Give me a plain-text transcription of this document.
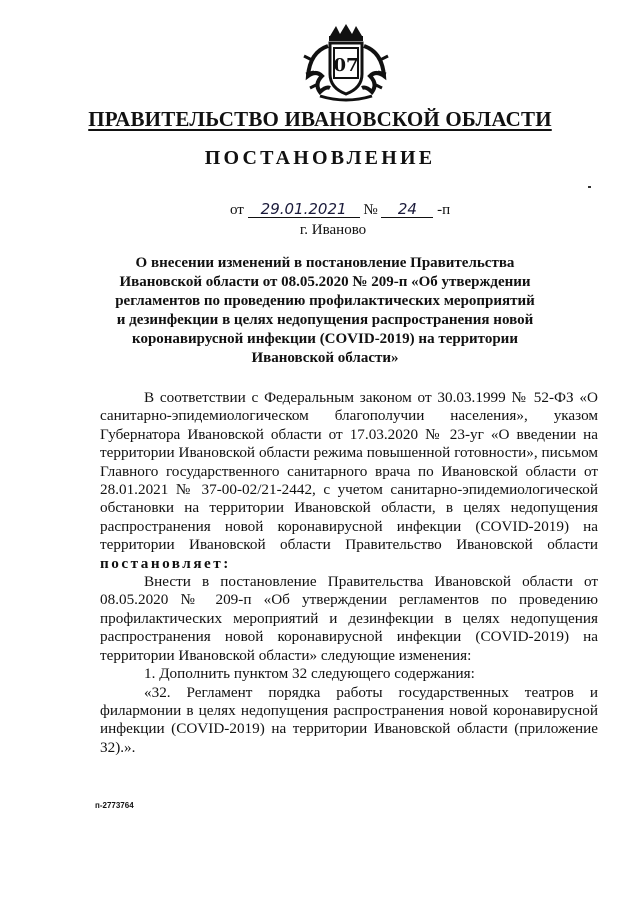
07
ПРАВИТЕЛЬСТВО ИВАНОВСКОЙ ОБЛАСТИ
ПОСТАНОВЛЕНИЕ
от 29.01.2021 № 24 -п
г. Иваново
О внесении изменений в постановление Правительства Ивановской области от 08.05.2020 № 209-п «Об утверждении регламентов по проведению профилактических мероприятий и дезинфекции в целях недопущения распространения новой коронавирусной инфекции (COVID-2019) на территории Ивановской области»

В соответствии с Федеральным законом от 30.03.1999 № 52-ФЗ «О санитарно-эпидемиологическом благополучии населения», указом Губернатора Ивановской области от 17.03.2020 № 23-уг «О введении на территории Ивановской области режима повышенной готовности», письмом Главного государственного санитарного врача по Ивановской области от 28.01.2021 № 37-00-02/21-2442, с учетом санитарно-эпидемиологической обстановки на территории Ивановской области, в целях недопущения распространения новой коронавирусной инфекции (COVID-2019) на территории Ивановской области Правительство Ивановской области постановляет:

Внести в постановление Правительства Ивановской области от 08.05.2020 № 209-п «Об утверждении регламентов по проведению профилактических мероприятий и дезинфекции в целях недопущения распространения новой коронавирусной инфекции (COVID-2019) на территории Ивановской области» следующие изменения:

1. Дополнить пунктом 32 следующего содержания:

«32. Регламент порядка работы государственных театров и филармонии в целях недопущения распространения новой коронавирусной инфекции (COVID-2019) на территории Ивановской области (приложение 32).».

п-2773764
